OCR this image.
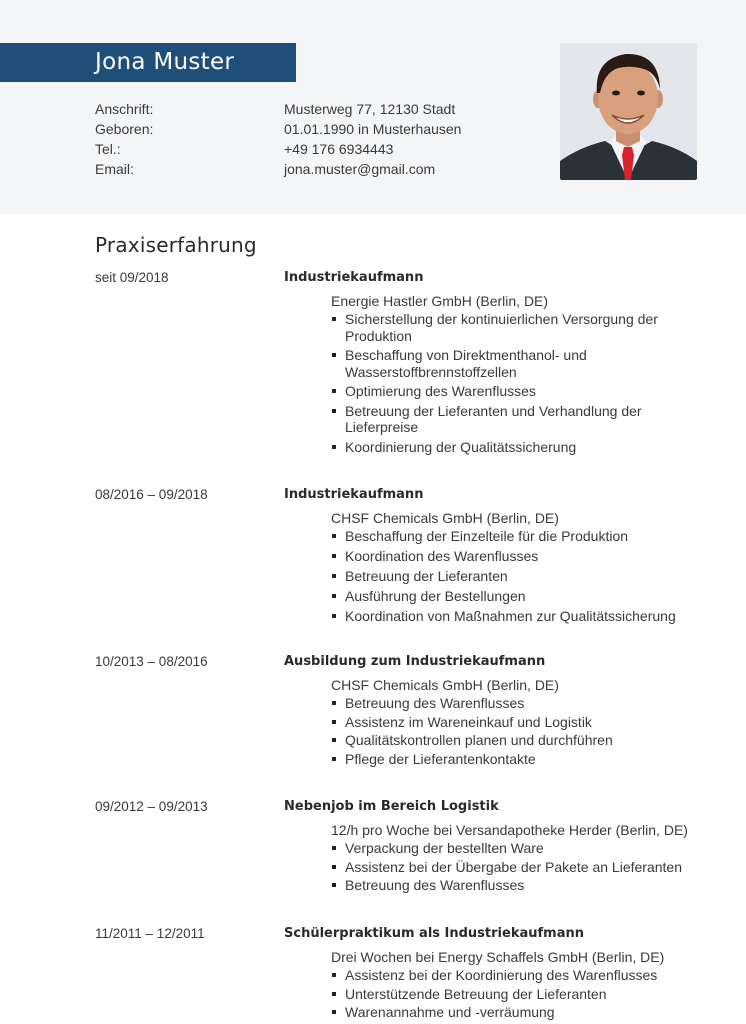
Jona Muster
Anschrift:	Musterweg 77, 12130 Stadt
Geboren:	01.01.1990 in Musterhausen
Tel.:	+49 176 6934443
Email:	jona.muster@gmail.com
Praxiserfahrung
seit 09/2018	Industriekaufmann
Energie Hastler GmbH (Berlin, DE)
Sicherstellung der kontinuierlichen Versorgung der Produktion
Beschaffung von Direktmenthanol- und Wasserstoffbrennstoffzellen
Optimierung des Warenflusses
Betreuung der Lieferanten und Verhandlung der Lieferpreise
Koordinierung der Qualitätssicherung
08/2016 – 09/2018	Industriekaufmann
CHSF Chemicals GmbH (Berlin, DE)
Beschaffung der Einzelteile für die Produktion
Koordination des Warenflusses
Betreuung der Lieferanten
Ausführung der Bestellungen
Koordination von Maßnahmen zur Qualitätssicherung
10/2013 – 08/2016	Ausbildung zum Industriekaufmann
CHSF Chemicals GmbH (Berlin, DE)
Betreuung des Warenflusses
Assistenz im Wareneinkauf und Logistik
Qualitätskontrollen planen und durchführen
Pflege der Lieferantenkontakte
09/2012 – 09/2013	Nebenjob im Bereich Logistik
12/h pro Woche bei Versandapotheke Herder (Berlin, DE)
Verpackung der bestellten Ware
Assistenz bei der Übergabe der Pakete an Lieferanten
Betreuung des Warenflusses
11/2011 – 12/2011	Schülerpraktikum als Industriekaufmann
Drei Wochen bei Energy Schaffels GmbH (Berlin, DE)
Assistenz bei der Koordinierung des Warenflusses
Unterstützende Betreuung der Lieferanten
Warenannahme und -verräumung
